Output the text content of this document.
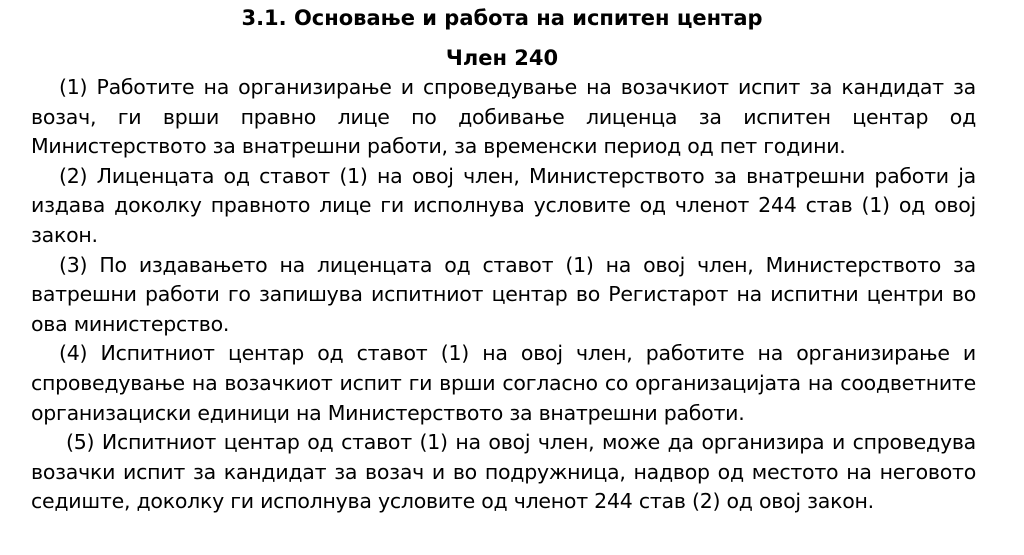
3.1. Основање и работа на испитен центар
Член 240

(1) Работите на организирање и спроведување на возачкиот испит за кандидат за возач, ги врши правно лице по добивање лиценца за испитен центар од Министерството за внатрешни работи, за временски период од пет години.

(2) Лиценцата од ставот (1) на овој член, Министерството за внатрешни работи ја издава доколку правното лице ги исполнува условите од членот 244 став (1) од овој закон.

(3) По издавањето на лиценцата од ставот (1) на овој член, Министерството за ватрешни работи го запишува испитниот центар во Регистарот на испитни центри во ова министерство.

(4) Испитниот центар од ставот (1) на овој член, работите на организирање и спроведување на возачкиот испит ги врши согласно со организацијата на соодветните организациски единици на Министерството за внатрешни работи.

(5) Испитниот центар од ставот (1) на овој член, може да организира и спроведува возачки испит за кандидат за возач и во подружница, надвор од местото на неговото седиште, доколку ги исполнува условите од членот 244 став (2) од овој закон.
